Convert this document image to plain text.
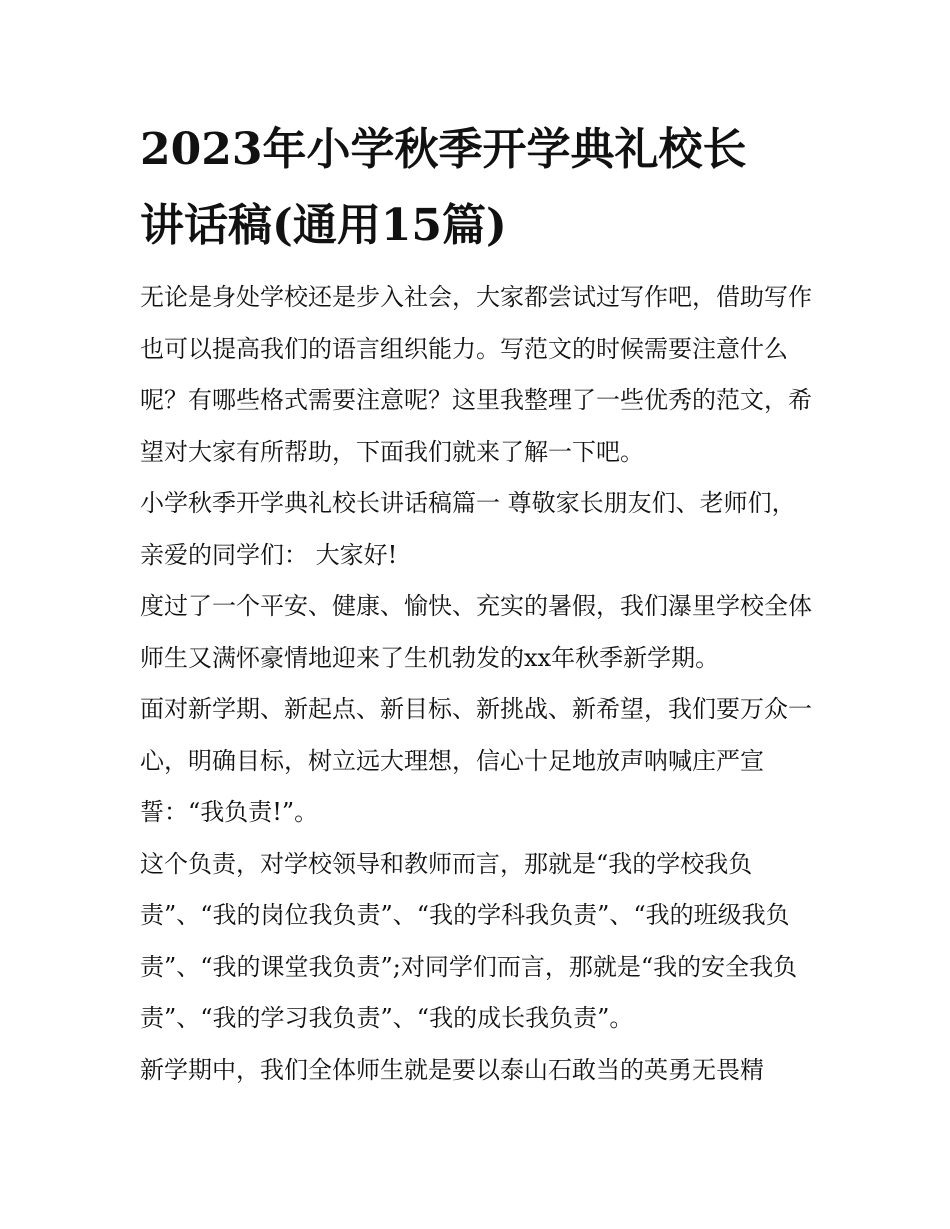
2023年小学秋季开学典礼校长
讲话稿(通用15篇)

无论是身处学校还是步入社会，大家都尝试过写作吧，借助写作也可以提高我们的语言组织能力。写范文的时候需要注意什么呢？有哪些格式需要注意呢？这里我整理了一些优秀的范文，希望对大家有所帮助，下面我们就来了解一下吧。

小学秋季开学典礼校长讲话稿篇一 尊敬家长朋友们、老师们，亲爱的同学们： 大家好!

度过了一个平安、健康、愉快、充实的暑假，我们瀑里学校全体师生又满怀豪情地迎来了生机勃发的xx年秋季新学期。

面对新学期、新起点、新目标、新挑战、新希望，我们要万众一心，明确目标，树立远大理想，信心十足地放声呐喊庄严宣誓：“我负责!”。

这个负责，对学校领导和教师而言，那就是“我的学校我负责”、“我的岗位我负责”、“我的学科我负责”、“我的班级我负责”、“我的课堂我负责”;对同学们而言，那就是“我的安全我负责”、“我的学习我负责”、“我的成长我负责”。

新学期中，我们全体师生就是要以泰山石敢当的英勇无畏精
